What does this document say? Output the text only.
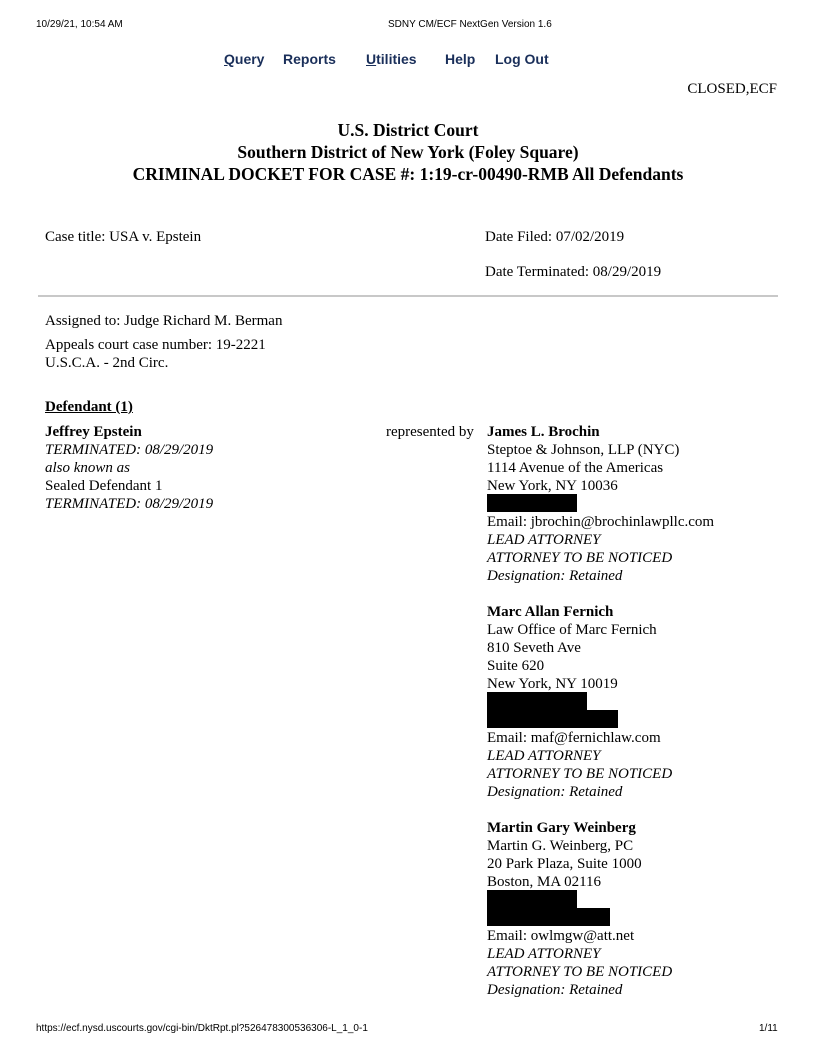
10/29/21, 10:54 AM	SDNY CM/ECF NextGen Version 1.6
Query Reports Utilities Help Log Out
CLOSED,ECF
U.S. District Court
Southern District of New York (Foley Square)
CRIMINAL DOCKET FOR CASE #: 1:19-cr-00490-RMB All Defendants
Case title: USA v. Epstein	Date Filed: 07/02/2019
Date Terminated: 08/29/2019
Assigned to: Judge Richard M. Berman
Appeals court case number: 19-2221
U.S.C.A. - 2nd Circ.
Defendant (1)
Jeffrey Epstein
TERMINATED: 08/29/2019
also known as
Sealed Defendant 1
TERMINATED: 08/29/2019
represented by James L. Brochin
Steptoe & Johnson, LLP (NYC)
1114 Avenue of the Americas
New York, NY 10036
Email: jbrochin@brochinlawpllc.com
LEAD ATTORNEY
ATTORNEY TO BE NOTICED
Designation: Retained
Marc Allan Fernich
Law Office of Marc Fernich
810 Seveth Ave
Suite 620
New York, NY 10019
Email: maf@fernichlaw.com
LEAD ATTORNEY
ATTORNEY TO BE NOTICED
Designation: Retained
Martin Gary Weinberg
Martin G. Weinberg, PC
20 Park Plaza, Suite 1000
Boston, MA 02116
Email: owlmgw@att.net
LEAD ATTORNEY
ATTORNEY TO BE NOTICED
Designation: Retained
https://ecf.nysd.uscourts.gov/cgi-bin/DktRpt.pl?526478300536306-L_1_0-1	1/11
